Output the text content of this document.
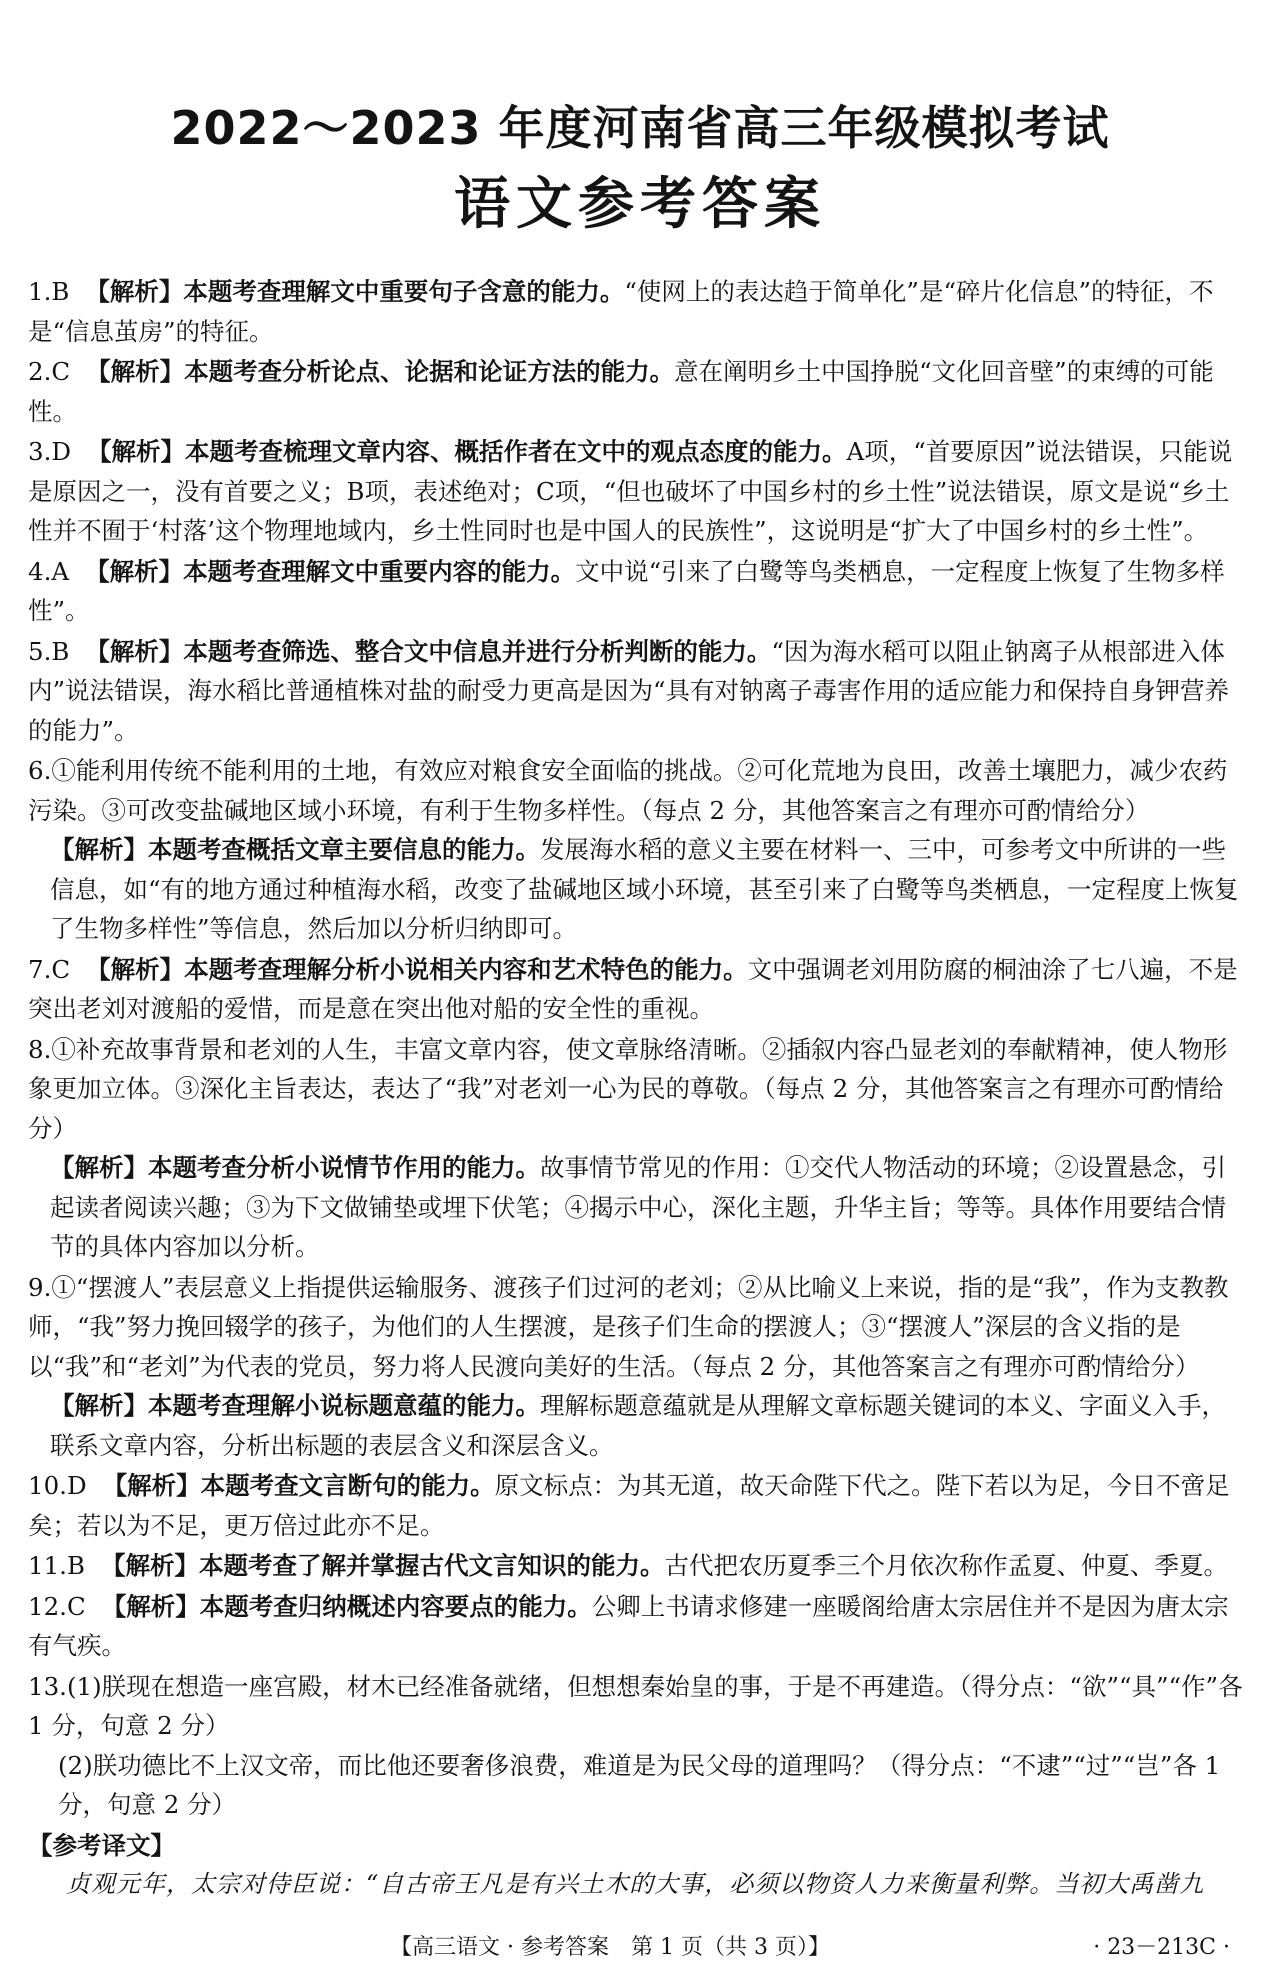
2022～2023 年度河南省高三年级模拟考试
语文参考答案
1.B 【解析】本题考查理解文中重要句子含意的能力。“使网上的表达趋于简单化”是“碎片化信息”的特征，不是“信息茧房”的特征。
2.C 【解析】本题考查分析论点、论据和论证方法的能力。意在阐明乡土中国挣脱“文化回音壁”的束缚的可能性。
3.D 【解析】本题考查梳理文章内容、概括作者在文中的观点态度的能力。A项，“首要原因”说法错误，只能说是原因之一，没有首要之义；B项，表述绝对；C项，“但也破坏了中国乡村的乡土性”说法错误，原文是说“乡土性并不囿于‘村落’这个物理地域内，乡土性同时也是中国人的民族性”，这说明是“扩大了中国乡村的乡土性”。
4.A 【解析】本题考查理解文中重要内容的能力。文中说“引来了白鹭等鸟类栖息，一定程度上恢复了生物多样性”。
5.B 【解析】本题考查筛选、整合文中信息并进行分析判断的能力。“因为海水稻可以阻止钠离子从根部进入体内”说法错误，海水稻比普通植株对盐的耐受力更高是因为“具有对钠离子毒害作用的适应能力和保持自身钾营养的能力”。
6.①能利用传统不能利用的土地，有效应对粮食安全面临的挑战。②可化荒地为良田，改善土壤肥力，减少农药污染。③可改变盐碱地区域小环境，有利于生物多样性。（每点 2 分，其他答案言之有理亦可酌情给分）
【解析】本题考查概括文章主要信息的能力。发展海水稻的意义主要在材料一、三中，可参考文中所讲的一些信息，如“有的地方通过种植海水稻，改变了盐碱地区域小环境，甚至引来了白鹭等鸟类栖息，一定程度上恢复了生物多样性”等信息，然后加以分析归纳即可。
7.C 【解析】本题考查理解分析小说相关内容和艺术特色的能力。文中强调老刘用防腐的桐油涂了七八遍，不是突出老刘对渡船的爱惜，而是意在突出他对船的安全性的重视。
8.①补充故事背景和老刘的人生，丰富文章内容，使文章脉络清晰。②插叙内容凸显老刘的奉献精神，使人物形象更加立体。③深化主旨表达，表达了“我”对老刘一心为民的尊敬。（每点 2 分，其他答案言之有理亦可酌情给分）
【解析】本题考查分析小说情节作用的能力。故事情节常见的作用：①交代人物活动的环境；②设置悬念，引起读者阅读兴趣；③为下文做铺垫或埋下伏笔；④揭示中心，深化主题，升华主旨；等等。具体作用要结合情节的具体内容加以分析。
9.①“摆渡人”表层意义上指提供运输服务、渡孩子们过河的老刘；②从比喻义上来说，指的是“我”，作为支教教师，“我”努力挽回辍学的孩子，为他们的人生摆渡，是孩子们生命的摆渡人；③“摆渡人”深层的含义指的是以“我”和“老刘”为代表的党员，努力将人民渡向美好的生活。（每点 2 分，其他答案言之有理亦可酌情给分）
【解析】本题考查理解小说标题意蕴的能力。理解标题意蕴就是从理解文章标题关键词的本义、字面义入手，联系文章内容，分析出标题的表层含义和深层含义。
10.D 【解析】本题考查文言断句的能力。原文标点：为其无道，故天命陛下代之。陛下若以为足，今日不啻足矣；若以为不足，更万倍过此亦不足。
11.B 【解析】本题考查了解并掌握古代文言知识的能力。古代把农历夏季三个月依次称作孟夏、仲夏、季夏。
12.C 【解析】本题考查归纳概述内容要点的能力。公卿上书请求修建一座暖阁给唐太宗居住并不是因为唐太宗有气疾。
13.(1)朕现在想造一座宫殿，材木已经准备就绪，但想想秦始皇的事，于是不再建造。（得分点：“欲”“具”“作”各 1 分，句意 2 分）
(2)朕功德比不上汉文帝，而比他还要奢侈浪费，难道是为民父母的道理吗？（得分点：“不逮”“过”“岂”各 1 分，句意 2 分）
【参考译文】
贞观元年，太宗对侍臣说：“自古帝王凡是有兴土木的大事，必须以物资人力来衡量利弊。当初大禹凿九
【高三语文 · 参考答案　第 1 页（共 3 页）】	· 23－213C ·
